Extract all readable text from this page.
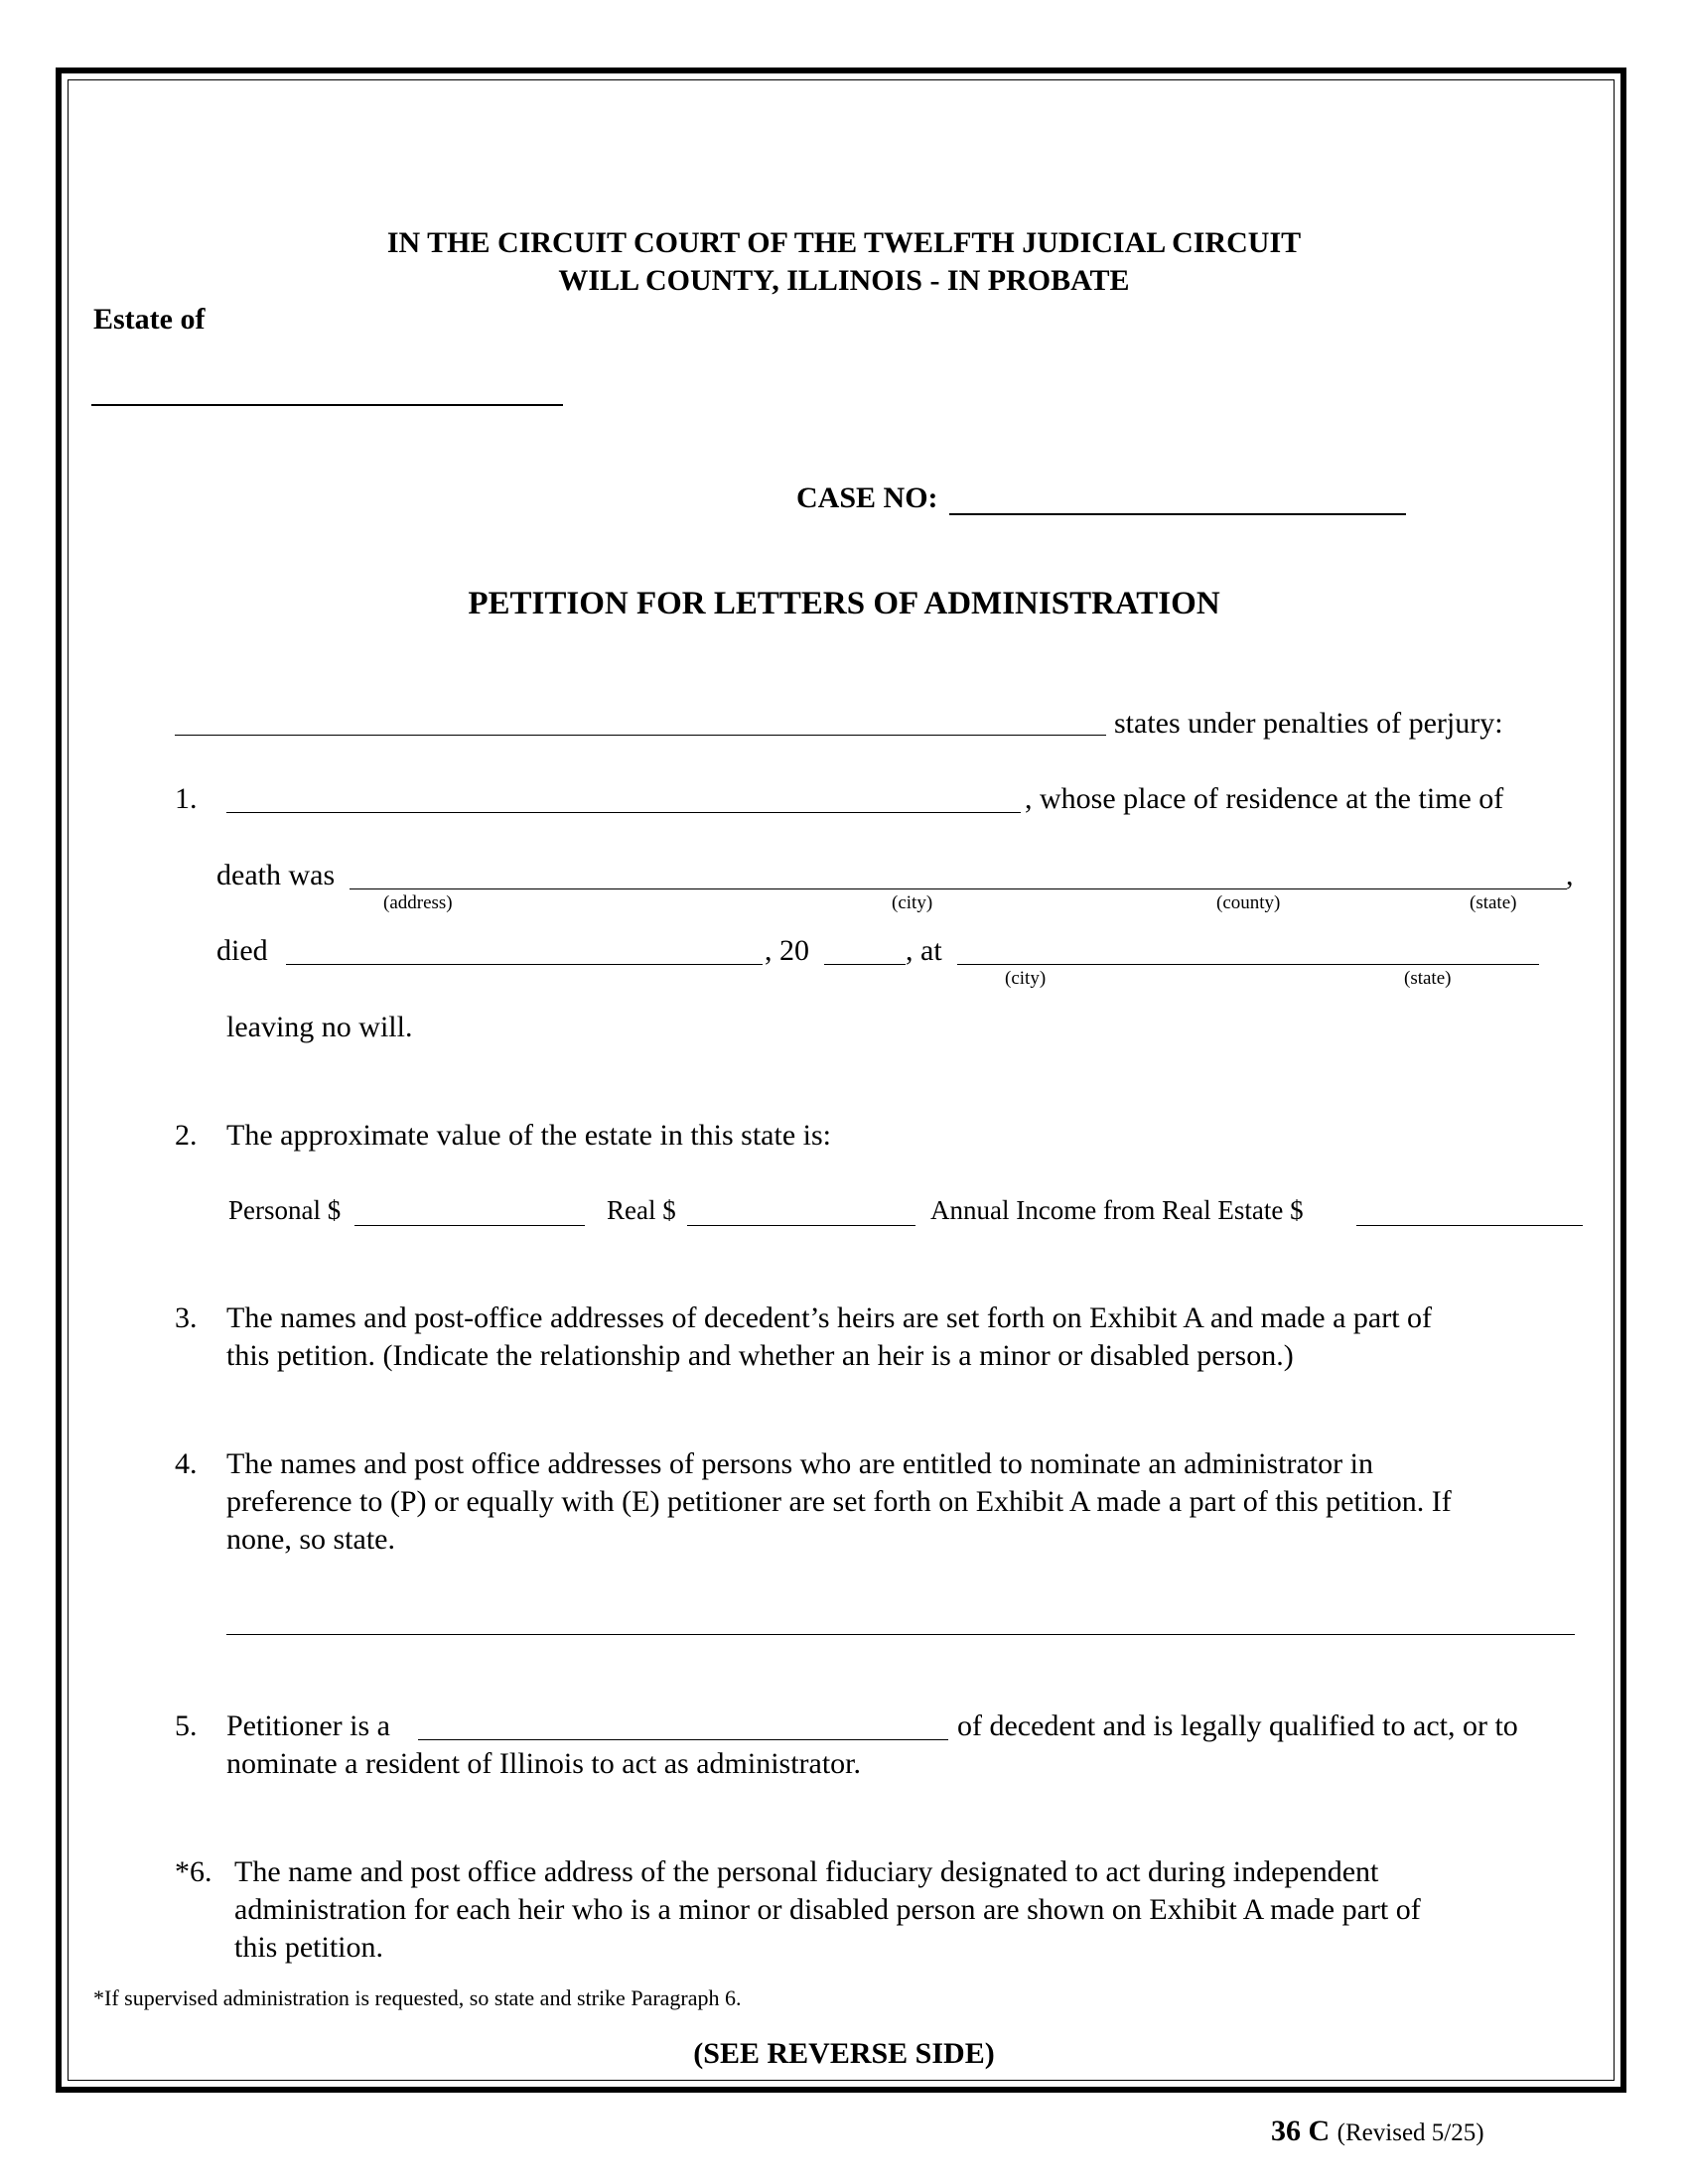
IN THE CIRCUIT COURT OF THE TWELFTH JUDICIAL CIRCUIT
WILL COUNTY, ILLINOIS - IN PROBATE
Estate of
CASE NO:
PETITION FOR LETTERS OF ADMINISTRATION
states under penalties of perjury:
1.	, whose place of residence at the time of
death was	,
(address)	(city)	(county)	(state)
died	, 20	, at
(city)	(state)
leaving no will.
2. The approximate value of the estate in this state is:
Personal $	Real $	Annual Income from Real Estate $
3. The names and post-office addresses of decedent’s heirs are set forth on Exhibit A and made a part of
this petition. (Indicate the relationship and whether an heir is a minor or disabled person.)
4. The names and post office addresses of persons who are entitled to nominate an administrator in
preference to (P) or equally with (E) petitioner are set forth on Exhibit A made a part of this petition. If
none, so state.
5. Petitioner is a	of decedent and is legally qualified to act, or to
nominate a resident of Illinois to act as administrator.
*6. The name and post office address of the personal fiduciary designated to act during independent
administration for each heir who is a minor or disabled person are shown on Exhibit A made part of
this petition.
*If supervised administration is requested, so state and strike Paragraph 6.
(SEE REVERSE SIDE)
36 C (Revised 5/25)
